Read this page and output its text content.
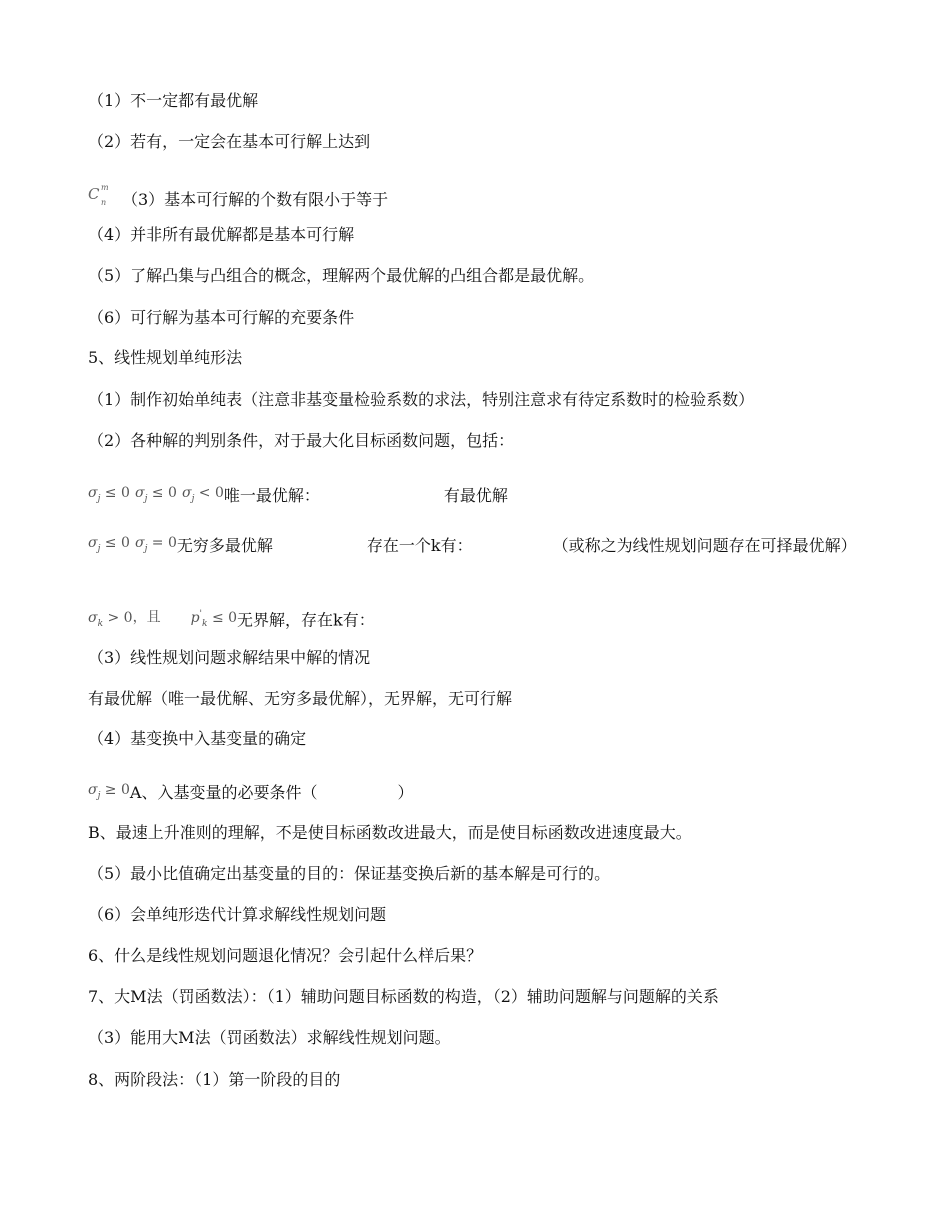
（1）不一定都有最优解
（2）若有，一定会在基本可行解上达到
C m
n （3）基本可行解的个数有限小于等于
（4）并非所有最优解都是基本可行解
（5）了解凸集与凸组合的概念，理解两个最优解的凸组合都是最优解。
（6）可行解为基本可行解的充要条件
5、线性规划单纯形法
（1）制作初始单纯表（注意非基变量检验系数的求法，特别注意求有待定系数时的检验系数）
（2）各种解的判别条件，对于最大化目标函数问题，包括：
$\sigma_j \le 0$ $\sigma_j \le 0$ $\sigma_j < 0$唯一最优解：	有最优解
$\sigma_j \le 0$ $\sigma_j = 0$无穷多最优解	存在一个k有：	（或称之为线性规划问题存在可择最优解）
$\sigma_k > 0$，且 $p'_k \le 0$无界解，存在k有：
（3）线性规划问题求解结果中解的情况
有最优解（唯一最优解、无穷多最优解），无界解，无可行解
（4）基变换中入基变量的确定
$\sigma_j \ge 0A$、入基变量的必要条件（　　　　　）
B、最速上升准则的理解，不是使目标函数改进最大，而是使目标函数改进速度最大。
（5）最小比值确定出基变量的目的：保证基变换后新的基本解是可行的。
（6）会单纯形迭代计算求解线性规划问题
6、什么是线性规划问题退化情况？会引起什么样后果？
7、大M法（罚函数法）：（1）辅助问题目标函数的构造，（2）辅助问题解与问题解的关系
（3）能用大M法（罚函数法）求解线性规划问题。
8、两阶段法：（1）第一阶段的目的
